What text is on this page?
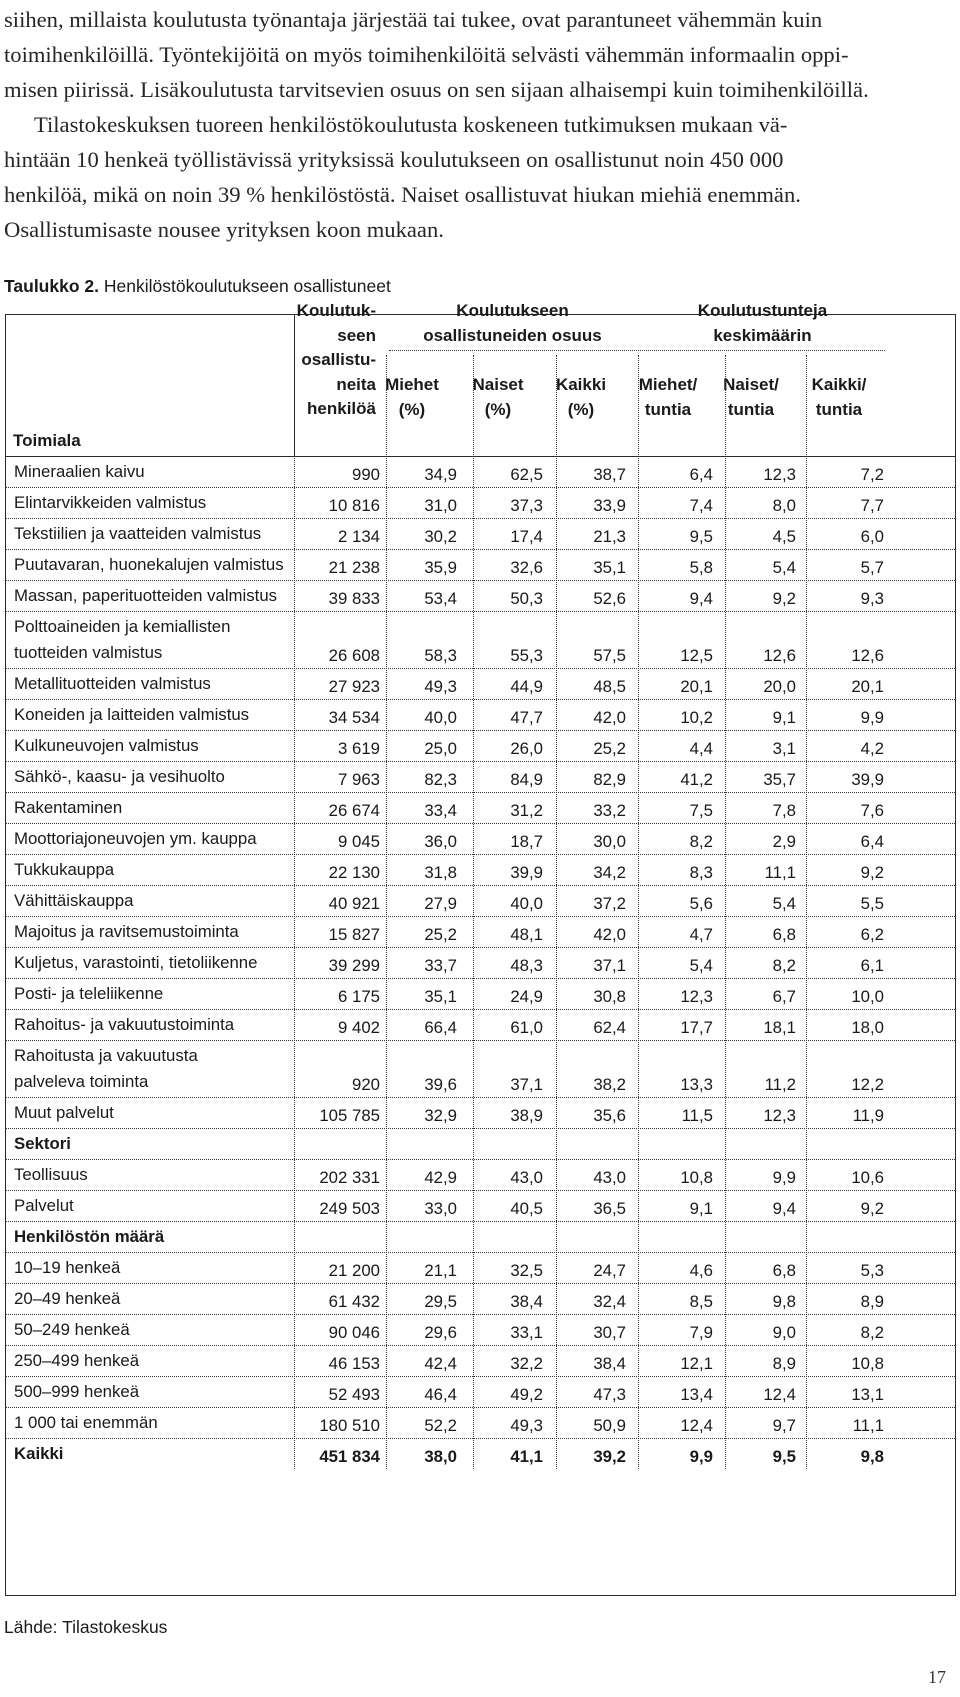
siihen, millaista koulutusta työnantaja järjestää tai tukee, ovat parantuneet vähemmän kuin
toimihenkilöillä. Työntekijöitä on myös toimihenkilöitä selvästi vähemmän informaalin oppi-
misen piirissä. Lisäkoulutusta tarvitsevien osuus on sen sijaan alhaisempi kuin toimihenkilöillä.
Tilastokeskuksen tuoreen henkilöstökoulutusta koskeneen tutkimuksen mukaan vä-
hintään 10 henkeä työllistävissä yrityksissä koulutukseen on osallistunut noin 450 000
henkilöä, mikä on noin 39 % henkilöstöstä. Naiset osallistuvat hiukan miehiä enemmän.
Osallistumisaste nousee yrityksen koon mukaan.
Taulukko 2. Henkilöstökoulutukseen osallistuneet
Koulutuk-
seen
osallistu-
neita
henkilöä
Koulutukseen
osallistuneiden osuus
Koulutustunteja
keskimäärin
Miehet	Naiset	Kaikki	Miehet/	Naiset/	Kaikki/
(%)	(%)	(%)	tuntia	tuntia	tuntia
Toimiala
Mineraalien kaivu	990	34,9	62,5	38,7	6,4	12,3	7,2
Elintarvikkeiden valmistus	10 816	31,0	37,3	33,9	7,4	8,0	7,7
Tekstiilien ja vaatteiden valmistus	2 134	30,2	17,4	21,3	9,5	4,5	6,0
Puutavaran, huonekalujen valmistus	21 238	35,9	32,6	35,1	5,8	5,4	5,7
Massan, paperituotteiden valmistus	39 833	53,4	50,3	52,6	9,4	9,2	9,3
Polttoaineiden ja kemiallisten
tuotteiden valmistus	26 608	58,3	55,3	57,5	12,5	12,6	12,6
Metallituotteiden valmistus	27 923	49,3	44,9	48,5	20,1	20,0	20,1
Koneiden ja laitteiden valmistus	34 534	40,0	47,7	42,0	10,2	9,1	9,9
Kulkuneuvojen valmistus	3 619	25,0	26,0	25,2	4,4	3,1	4,2
Sähkö-, kaasu- ja vesihuolto	7 963	82,3	84,9	82,9	41,2	35,7	39,9
Rakentaminen	26 674	33,4	31,2	33,2	7,5	7,8	7,6
Moottoriajoneuvojen ym. kauppa	9 045	36,0	18,7	30,0	8,2	2,9	6,4
Tukkukauppa	22 130	31,8	39,9	34,2	8,3	11,1	9,2
Vähittäiskauppa	40 921	27,9	40,0	37,2	5,6	5,4	5,5
Majoitus ja ravitsemustoiminta	15 827	25,2	48,1	42,0	4,7	6,8	6,2
Kuljetus, varastointi, tietoliikenne	39 299	33,7	48,3	37,1	5,4	8,2	6,1
Posti- ja teleliikenne	6 175	35,1	24,9	30,8	12,3	6,7	10,0
Rahoitus- ja vakuutustoiminta	9 402	66,4	61,0	62,4	17,7	18,1	18,0
Rahoitusta ja vakuutusta
palveleva toiminta	920	39,6	37,1	38,2	13,3	11,2	12,2
Muut palvelut	105 785	32,9	38,9	35,6	11,5	12,3	11,9
Sektori
Teollisuus	202 331	42,9	43,0	43,0	10,8	9,9	10,6
Palvelut	249 503	33,0	40,5	36,5	9,1	9,4	9,2
Henkilöstön määrä
10–19 henkeä	21 200	21,1	32,5	24,7	4,6	6,8	5,3
20–49 henkeä	61 432	29,5	38,4	32,4	8,5	9,8	8,9
50–249 henkeä	90 046	29,6	33,1	30,7	7,9	9,0	8,2
250–499 henkeä	46 153	42,4	32,2	38,4	12,1	8,9	10,8
500–999 henkeä	52 493	46,4	49,2	47,3	13,4	12,4	13,1
1 000 tai enemmän	180 510	52,2	49,3	50,9	12,4	9,7	11,1
Kaikki	451 834	38,0	41,1	39,2	9,9	9,5	9,8
Lähde: Tilastokeskus
17
